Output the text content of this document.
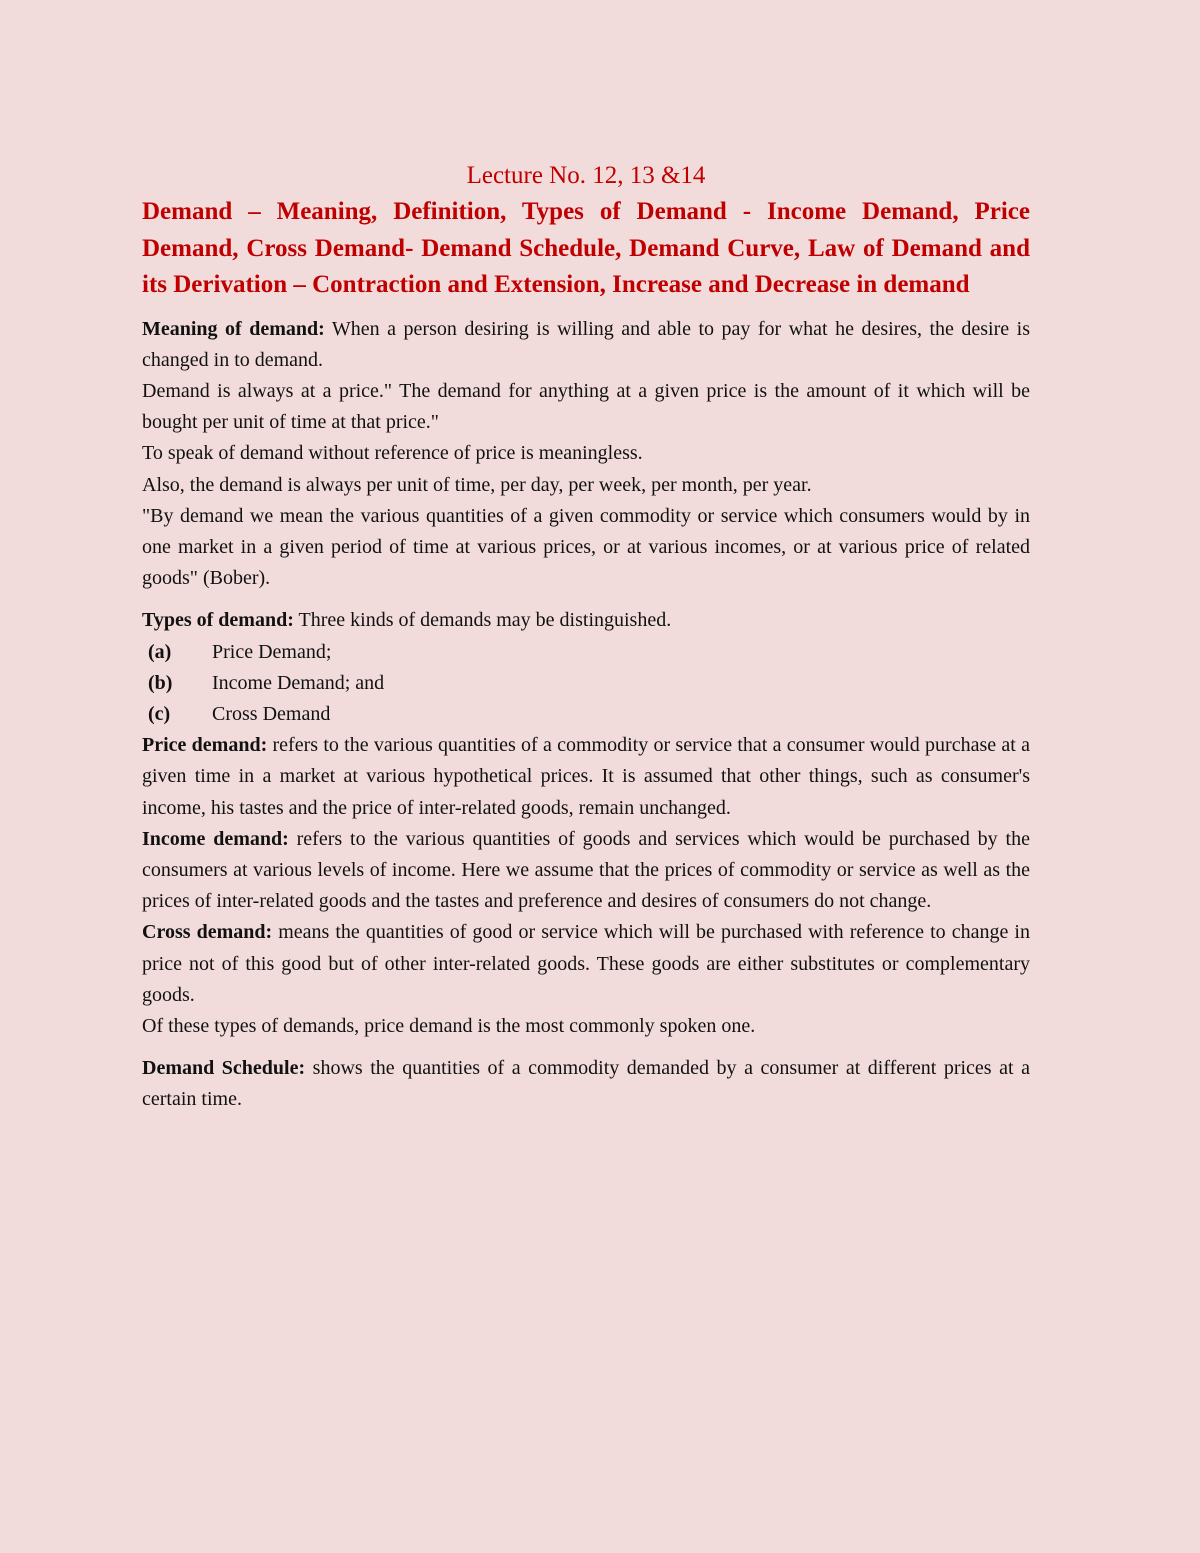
Lecture No. 12, 13 &14

Demand – Meaning, Definition, Types of Demand - Income Demand, Price Demand, Cross Demand- Demand Schedule, Demand Curve, Law of Demand and its Derivation – Contraction and Extension, Increase and Decrease in demand

Meaning of demand: When a person desiring is willing and able to pay for what he desires, the desire is changed in to demand.

Demand is always at a price." The demand for anything at a given price is the amount of it which will be bought per unit of time at that price."

To speak of demand without reference of price is meaningless.

Also, the demand is always per unit of time, per day, per week, per month, per year.

"By demand we mean the various quantities of a given commodity or service which consumers would by in one market in a given period of time at various prices, or at various incomes, or at various price of related goods" (Bober).

Types of demand: Three kinds of demands may be distinguished.

(a)	Price Demand;
(b)	Income Demand; and
(c)	Cross Demand

Price demand: refers to the various quantities of a commodity or service that a consumer would purchase at a given time in a market at various hypothetical prices. It is assumed that other things, such as consumer's income, his tastes and the price of inter-related goods, remain unchanged.

Income demand: refers to the various quantities of goods and services which would be purchased by the consumers at various levels of income. Here we assume that the prices of commodity or service as well as the prices of inter-related goods and the tastes and preference and desires of consumers do not change.

Cross demand: means the quantities of good or service which will be purchased with reference to change in price not of this good but of other inter-related goods. These goods are either substitutes or complementary goods.

Of these types of demands, price demand is the most commonly spoken one.

Demand Schedule: shows the quantities of a commodity demanded by a consumer at different prices at a certain time.
